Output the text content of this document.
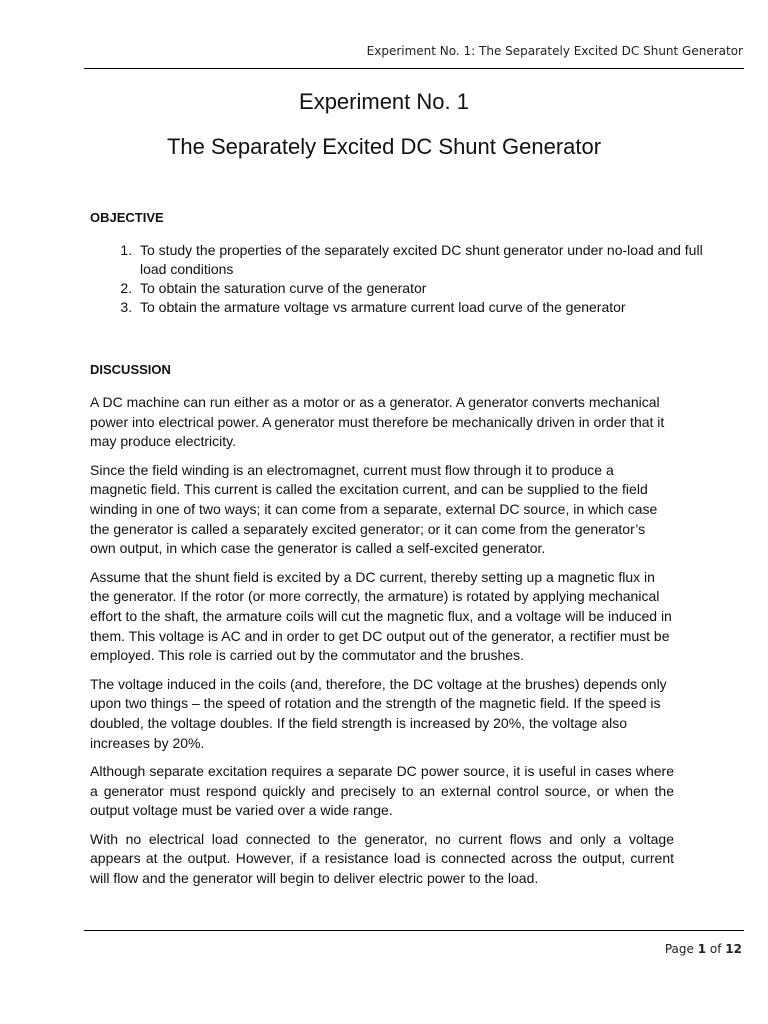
Experiment No. 1: The Separately Excited DC Shunt Generator
Experiment No. 1
The Separately Excited DC Shunt Generator
OBJECTIVE
1. To study the properties of the separately excited DC shunt generator under no-load and full load conditions
2. To obtain the saturation curve of the generator
3. To obtain the armature voltage vs armature current load curve of the generator
DISCUSSION

A DC machine can run either as a motor or as a generator. A generator converts mechanical power into electrical power. A generator must therefore be mechanically driven in order that it may produce electricity.

Since the field winding is an electromagnet, current must flow through it to produce a magnetic field. This current is called the excitation current, and can be supplied to the field winding in one of two ways; it can come from a separate, external DC source, in which case the generator is called a separately excited generator; or it can come from the generator’s own output, in which case the generator is called a self-excited generator.

Assume that the shunt field is excited by a DC current, thereby setting up a magnetic flux in the generator. If the rotor (or more correctly, the armature) is rotated by applying mechanical effort to the shaft, the armature coils will cut the magnetic flux, and a voltage will be induced in them. This voltage is AC and in order to get DC output out of the generator, a rectifier must be employed. This role is carried out by the commutator and the brushes.

The voltage induced in the coils (and, therefore, the DC voltage at the brushes) depends only upon two things – the speed of rotation and the strength of the magnetic field. If the speed is doubled, the voltage doubles. If the field strength is increased by 20%, the voltage also increases by 20%.

Although separate excitation requires a separate DC power source, it is useful in cases where a generator must respond quickly and precisely to an external control source, or when the output voltage must be varied over a wide range.

With no electrical load connected to the generator, no current flows and only a voltage appears at the output. However, if a resistance load is connected across the output, current will flow and the generator will begin to deliver electric power to the load.

Page 1 of 12
